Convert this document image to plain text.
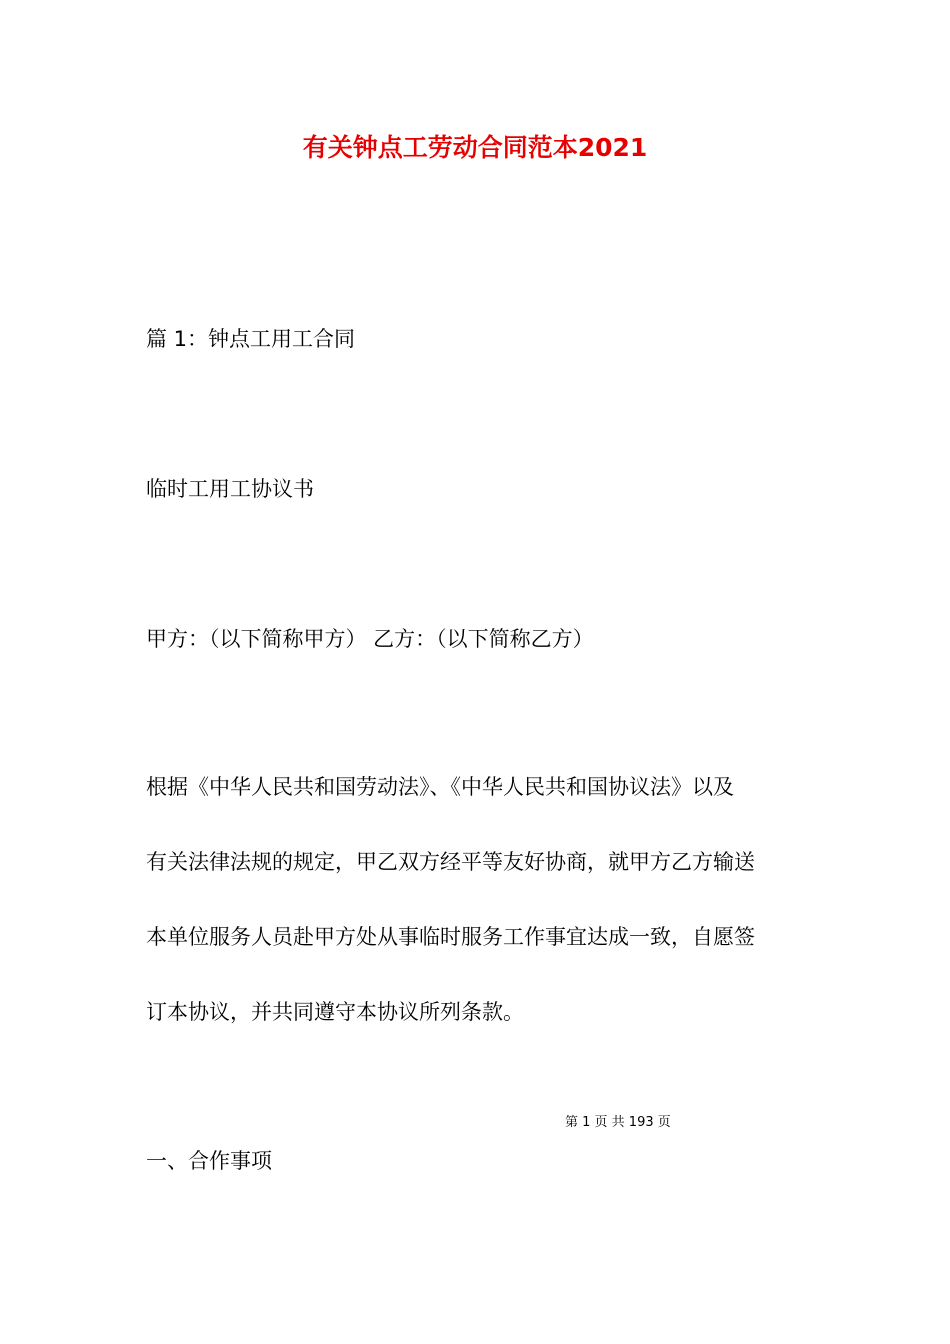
有关钟点工劳动合同范本2021

篇 1：钟点工用工合同

临时工用工协议书

甲方：（以下简称甲方） 乙方：（以下简称乙方）

根据《中华人民共和国劳动法》、《中华人民共和国协议法》以及
有关法律法规的规定，甲乙双方经平等友好协商，就甲方乙方输送
本单位服务人员赴甲方处从事临时服务工作事宜达成一致，自愿签
订本协议，并共同遵守本协议所列条款。
第 1 页 共 193 页

一、合作事项
